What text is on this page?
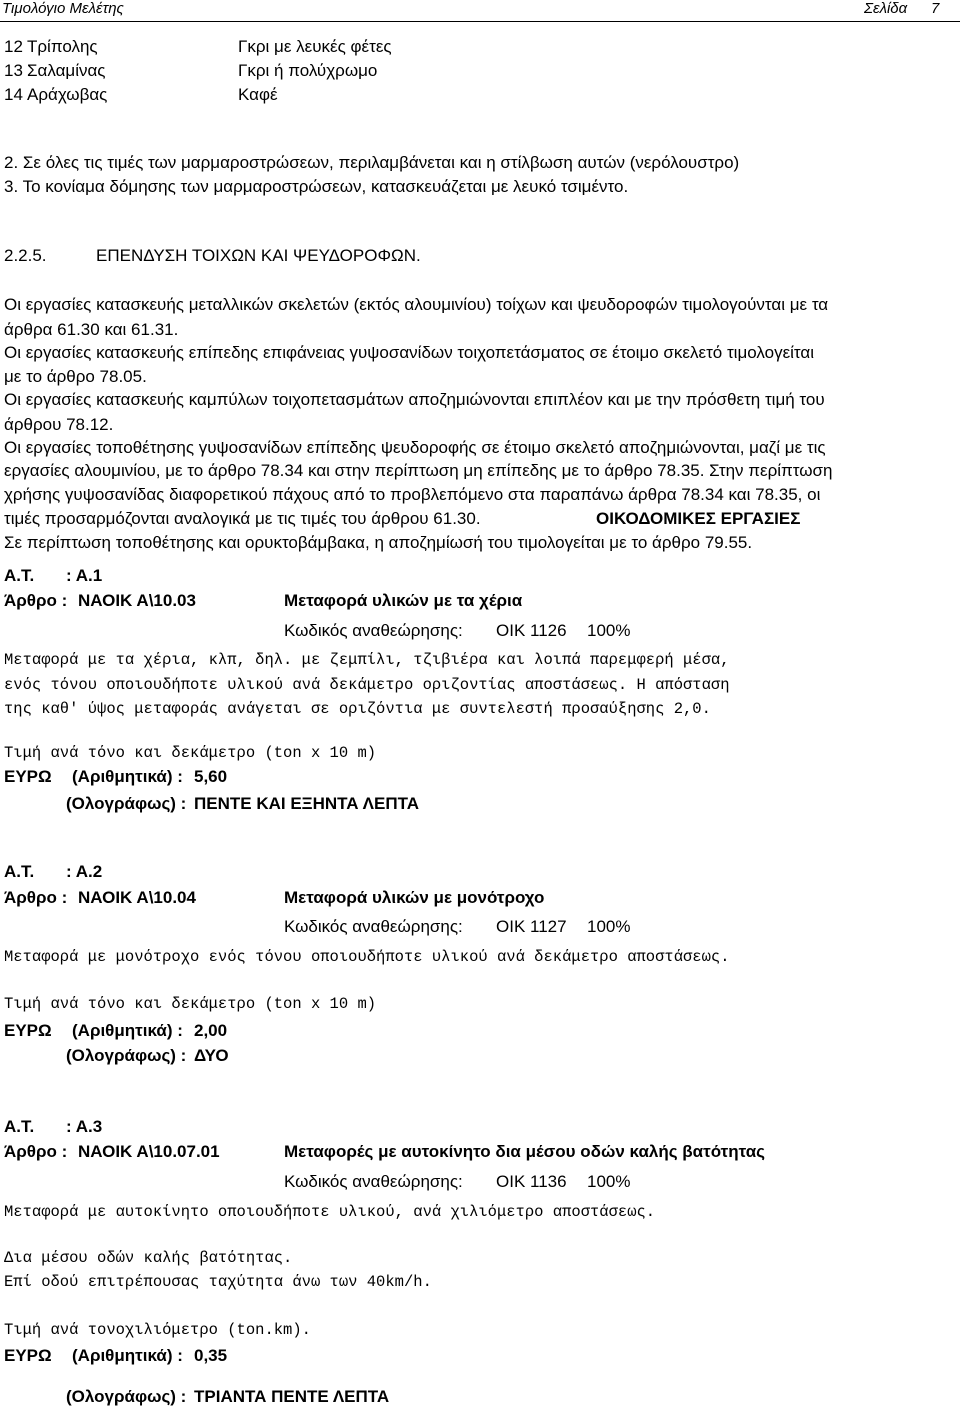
Τιμολόγιο Μελέτης	Σελίδα 7
12 Τρίπολης	Γκρι με λευκές φέτες
13 Σαλαμίνας	Γκρι ή πολύχρωμο
14 Αράχωβας	Καφέ
2. Σε όλες τις τιμές των μαρμαροστρώσεων, περιλαμβάνεται και η στίλβωση αυτών (νερόλουστρο)
3. Το κονίαμα δόμησης των μαρμαροστρώσεων, κατασκευάζεται με λευκό τσιμέντο.
2.2.5.	ΕΠΕΝΔΥΣΗ ΤΟΙΧΩΝ ΚΑΙ ΨΕΥΔΟΡΟΦΩΝ.
Οι εργασίες κατασκευής μεταλλικών σκελετών (εκτός αλουμινίου) τοίχων και ψευδοροφών τιμολογούνται με τα
άρθρα 61.30 και 61.31.
Οι εργασίες κατασκευής επίπεδης επιφάνειας γυψοσανίδων τοιχοπετάσματος σε έτοιμο σκελετό τιμολογείται
με το άρθρο 78.05.
Οι εργασίες κατασκευής καμπύλων τοιχοπετασμάτων αποζημιώνονται επιπλέον και με την πρόσθετη τιμή του
άρθρου 78.12.
Οι εργασίες τοποθέτησης γυψοσανίδων επίπεδης ψευδοροφής σε έτοιμο σκελετό αποζημιώνονται, μαζί με τις
εργασίες αλουμινίου, με το άρθρο 78.34 και στην περίπτωση μη επίπεδης με το άρθρο 78.35. Στην περίπτωση
χρήσης γυψοσανίδας διαφορετικού πάχους από το προβλεπόμενο στα παραπάνω άρθρα 78.34 και 78.35, οι
τιμές προσαρμόζονται αναλογικά με τις τιμές του άρθρου 61.30.	ΟΙΚΟΔΟΜΙΚΕΣ ΕΡΓΑΣΙΕΣ
Σε περίπτωση τοποθέτησης και ορυκτοβάμβακα, η αποζημίωσή του τιμολογείται με το άρθρο 79.55.
Α.Τ. : Α.1
Άρθρο : ΝΑΟΙΚ Α\10.03	Μεταφορά υλικών με τα χέρια
Κωδικός αναθεώρησης: ΟΙΚ 1126 100%
Μεταφορά με τα χέρια, κλπ, δηλ. με ζεμπίλι, τζιβιέρα και λοιπά παρεμφερή μέσα,
ενός τόνου οποιουδήποτε υλικού ανά δεκάμετρο οριζοντίας αποστάσεως. Η απόσταση
της καθ' ύψος μεταφοράς ανάγεται σε οριζόντια με συντελεστή προσαύξησης 2,0.
Τιμή ανά τόνο και δεκάμετρο (ton x 10 m)
ΕΥΡΩ (Αριθμητικά) : 5,60
(Ολογράφως) : ΠΕΝΤΕ ΚΑΙ ΕΞΗΝΤΑ ΛΕΠΤΑ
Α.Τ. : Α.2
Άρθρο : ΝΑΟΙΚ Α\10.04	Μεταφορά υλικών με μονότροχο
Κωδικός αναθεώρησης: ΟΙΚ 1127 100%
Μεταφορά με μονότροχο ενός τόνου οποιουδήποτε υλικού ανά δεκάμετρο αποστάσεως.
Τιμή ανά τόνο και δεκάμετρο (ton x 10 m)
ΕΥΡΩ (Αριθμητικά) : 2,00
(Ολογράφως) : ΔΥΟ
Α.Τ. : Α.3
Άρθρο : ΝΑΟΙΚ Α\10.07.01	Μεταφορές με αυτοκίνητο δια μέσου οδών καλής βατότητας
Κωδικός αναθεώρησης: ΟΙΚ 1136 100%
Μεταφορά με αυτοκίνητο οποιουδήποτε υλικού, ανά χιλιόμετρο αποστάσεως.
Δια μέσου οδών καλής βατότητας.
Επί οδού επιτρέπουσας ταχύτητα άνω των 40km/h.
Τιμή ανά τονοχιλιόμετρο (ton.km).
ΕΥΡΩ (Αριθμητικά) : 0,35
(Ολογράφως) : ΤΡΙΑΝΤΑ ΠΕΝΤΕ ΛΕΠΤΑ
